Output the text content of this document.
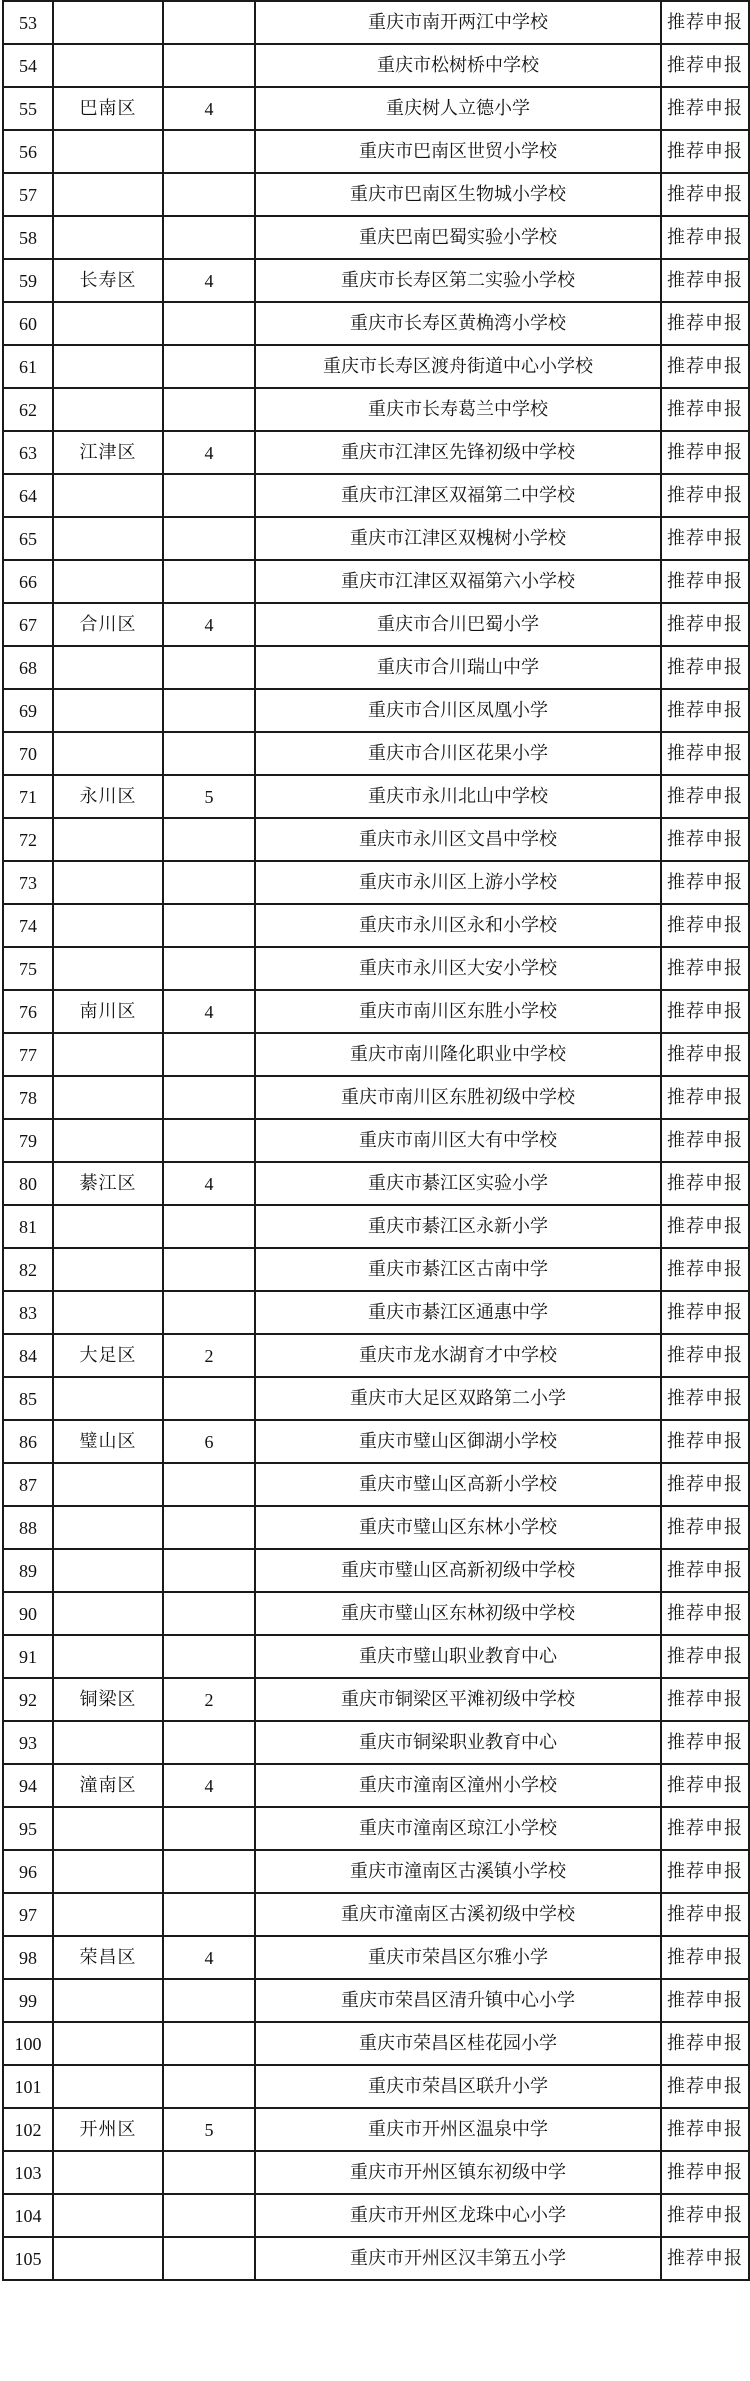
53			重庆市南开两江中学校	推荐申报
54			重庆市松树桥中学校	推荐申报
55	巴南区	4	重庆树人立德小学	推荐申报
56			重庆市巴南区世贸小学校	推荐申报
57			重庆市巴南区生物城小学校	推荐申报
58			重庆巴南巴蜀实验小学校	推荐申报
59	长寿区	4	重庆市长寿区第二实验小学校	推荐申报
60			重庆市长寿区黄桷湾小学校	推荐申报
61			重庆市长寿区渡舟街道中心小学校	推荐申报
62			重庆市长寿葛兰中学校	推荐申报
63	江津区	4	重庆市江津区先锋初级中学校	推荐申报
64			重庆市江津区双福第二中学校	推荐申报
65			重庆市江津区双槐树小学校	推荐申报
66			重庆市江津区双福第六小学校	推荐申报
67	合川区	4	重庆市合川巴蜀小学	推荐申报
68			重庆市合川瑞山中学	推荐申报
69			重庆市合川区凤凰小学	推荐申报
70			重庆市合川区花果小学	推荐申报
71	永川区	5	重庆市永川北山中学校	推荐申报
72			重庆市永川区文昌中学校	推荐申报
73			重庆市永川区上游小学校	推荐申报
74			重庆市永川区永和小学校	推荐申报
75			重庆市永川区大安小学校	推荐申报
76	南川区	4	重庆市南川区东胜小学校	推荐申报
77			重庆市南川隆化职业中学校	推荐申报
78			重庆市南川区东胜初级中学校	推荐申报
79			重庆市南川区大有中学校	推荐申报
80	綦江区	4	重庆市綦江区实验小学	推荐申报
81			重庆市綦江区永新小学	推荐申报
82			重庆市綦江区古南中学	推荐申报
83			重庆市綦江区通惠中学	推荐申报
84	大足区	2	重庆市龙水湖育才中学校	推荐申报
85			重庆市大足区双路第二小学	推荐申报
86	璧山区	6	重庆市璧山区御湖小学校	推荐申报
87			重庆市璧山区高新小学校	推荐申报
88			重庆市璧山区东林小学校	推荐申报
89			重庆市璧山区高新初级中学校	推荐申报
90			重庆市璧山区东林初级中学校	推荐申报
91			重庆市璧山职业教育中心	推荐申报
92	铜梁区	2	重庆市铜梁区平滩初级中学校	推荐申报
93			重庆市铜梁职业教育中心	推荐申报
94	潼南区	4	重庆市潼南区潼州小学校	推荐申报
95			重庆市潼南区琼江小学校	推荐申报
96			重庆市潼南区古溪镇小学校	推荐申报
97			重庆市潼南区古溪初级中学校	推荐申报
98	荣昌区	4	重庆市荣昌区尔雅小学	推荐申报
99			重庆市荣昌区清升镇中心小学	推荐申报
100			重庆市荣昌区桂花园小学	推荐申报
101			重庆市荣昌区联升小学	推荐申报
102	开州区	5	重庆市开州区温泉中学	推荐申报
103			重庆市开州区镇东初级中学	推荐申报
104			重庆市开州区龙珠中心小学	推荐申报
105			重庆市开州区汉丰第五小学	推荐申报
